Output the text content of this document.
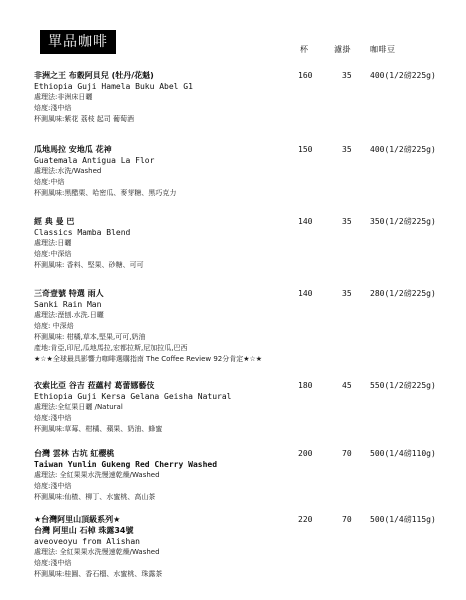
單品咖啡	杯	濾掛 咖啡豆
非洲之王 布穀阿貝兒 (牡丹/花魁)
Ethiopia Guji Hamela Buku Abel G1
處理法:非洲床日曬
焙度:淺中焙
杯測風味:紫花 荔枝 起司 葡萄酒
160	35 400(1/2磅225g)
瓜地馬拉 安地瓜 花神
Guatemala Antigua La Flor
處理法:水洗/Washed
焙度:中焙
杯測風味:黑醋栗、哈密瓜、麥芽糖、黑巧克力
150	35 400(1/2磅225g)
經 典 曼 巴
Classics Mamba Blend
處理法:日曬
焙度:中深焙
杯測風味: 香料、堅果、砂糖、可可
140	35 350(1/2磅225g)
三奇壹號 特選 雨人
Sanki Rain Man
處理法:溼刨.水洗.日曬
焙度: 中深焙
杯測風味: 柑橘,草本,堅果,可可,奶油
產地:肯亞,印尼,瓜地馬拉,宏都拉斯,尼加拉瓜,巴西
★☆★全球最具影響力咖啡選購指南 The Coffee Review 92分肯定★☆★
140	35 280(1/2磅225g)
衣索比亞 谷吉 菈蘊村 葛蕾娜藝伎
Ethiopia Guji Kersa Gelana Geisha Natural
處理法:全紅果日曬 /Natural
焙度:淺中焙
杯測風味:草莓、柑橘、蘋果、奶油、蜂蜜
180	45 550(1/2磅225g)
台灣 雲林 古坑 紅櫻桃
Taiwan Yunlin Gukeng Red Cherry Washed
處理法: 全紅果果水洗慢速乾燥/Washed
焙度:淺中焙
杯測風味:仙楂、柳丁、水蜜桃、高山茶
200	70 500(1/4磅110g)
★台灣阿里山頂級系列★
台灣 阿里山 石棹 珠露34號
aveoveoyu from Alishan
處理法: 全紅果果水洗慢速乾燥/Washed
焙度:淺中焙
杯測風味:桂圓、香石榴、水蜜桃、珠露茶
220	70 500(1/4磅115g)
